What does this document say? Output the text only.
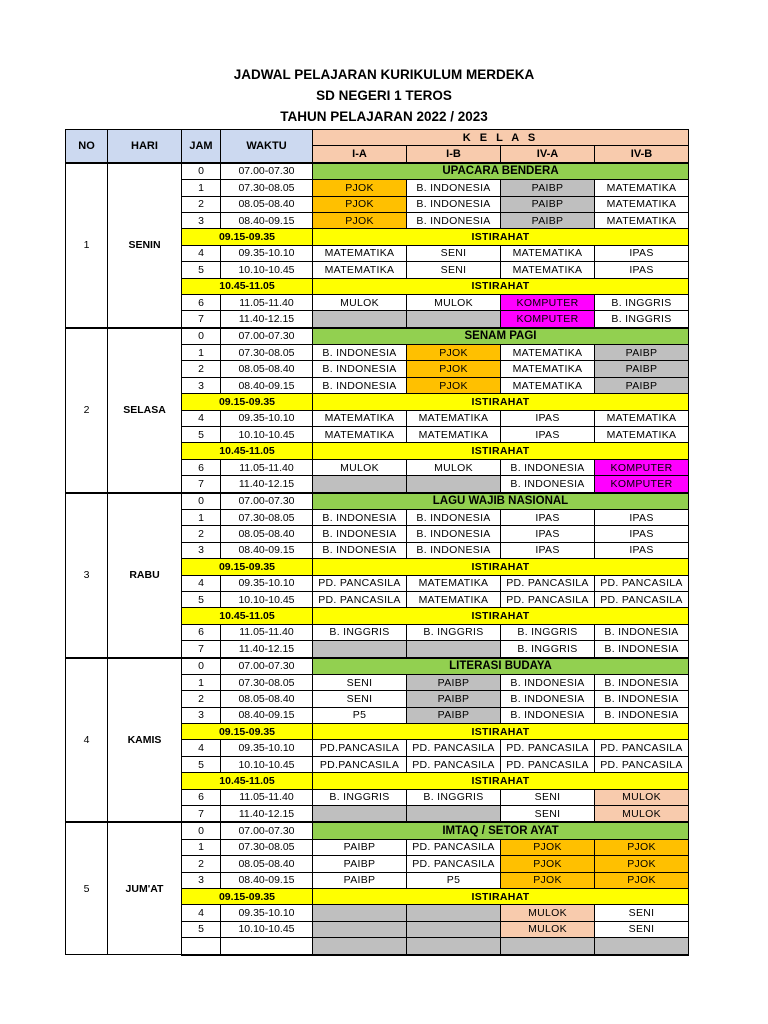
JADWAL PELAJARAN KURIKULUM MERDEKA
SD NEGERI 1 TEROS
TAHUN PELAJARAN 2022 / 2023
NO	HARI	JAM	WAKTU	K E L A S			
				I-A	I-B	IV-A	IV-B
1	SENIN	0	07.00-07.30	UPACARA BENDERA			
		1	07.30-08.05	PJOK	B. INDONESIA	PAIBP	MATEMATIKA
		2	08.05-08.40	PJOK	B. INDONESIA	PAIBP	MATEMATIKA
		3	08.40-09.15	PJOK	B. INDONESIA	PAIBP	MATEMATIKA
		09.15-09.35		ISTIRAHAT			
		4	09.35-10.10	MATEMATIKA	SENI	MATEMATIKA	IPAS
		5	10.10-10.45	MATEMATIKA	SENI	MATEMATIKA	IPAS
		10.45-11.05		ISTIRAHAT			
		6	11.05-11.40	MULOK	MULOK	KOMPUTER	B. INGGRIS
		7	11.40-12.15			KOMPUTER	B. INGGRIS
2	SELASA	0	07.00-07.30	SENAM PAGI			
		1	07.30-08.05	B. INDONESIA	PJOK	MATEMATIKA	PAIBP
		2	08.05-08.40	B. INDONESIA	PJOK	MATEMATIKA	PAIBP
		3	08.40-09.15	B. INDONESIA	PJOK	MATEMATIKA	PAIBP
		09.15-09.35		ISTIRAHAT			
		4	09.35-10.10	MATEMATIKA	MATEMATIKA	IPAS	MATEMATIKA
		5	10.10-10.45	MATEMATIKA	MATEMATIKA	IPAS	MATEMATIKA
		10.45-11.05		ISTIRAHAT			
		6	11.05-11.40	MULOK	MULOK	B. INDONESIA	KOMPUTER
		7	11.40-12.15			B. INDONESIA	KOMPUTER
3	RABU	0	07.00-07.30	LAGU WAJIB NASIONAL			
		1	07.30-08.05	B. INDONESIA	B. INDONESIA	IPAS	IPAS
		2	08.05-08.40	B. INDONESIA	B. INDONESIA	IPAS	IPAS
		3	08.40-09.15	B. INDONESIA	B. INDONESIA	IPAS	IPAS
		09.15-09.35		ISTIRAHAT			
		4	09.35-10.10	PD. PANCASILA	MATEMATIKA	PD. PANCASILA	PD. PANCASILA
		5	10.10-10.45	PD. PANCASILA	MATEMATIKA	PD. PANCASILA	PD. PANCASILA
		10.45-11.05		ISTIRAHAT			
		6	11.05-11.40	B. INGGRIS	B. INGGRIS	B. INGGRIS	B. INDONESIA
		7	11.40-12.15			B. INGGRIS	B. INDONESIA
4	KAMIS	0	07.00-07.30	LITERASI BUDAYA			
		1	07.30-08.05	SENI	PAIBP	B. INDONESIA	B. INDONESIA
		2	08.05-08.40	SENI	PAIBP	B. INDONESIA	B. INDONESIA
		3	08.40-09.15	P5	PAIBP	B. INDONESIA	B. INDONESIA
		09.15-09.35		ISTIRAHAT			
		4	09.35-10.10	PD.PANCASILA	PD. PANCASILA	PD. PANCASILA	PD. PANCASILA
		5	10.10-10.45	PD.PANCASILA	PD. PANCASILA	PD. PANCASILA	PD. PANCASILA
		10.45-11.05		ISTIRAHAT			
		6	11.05-11.40	B. INGGRIS	B. INGGRIS	SENI	MULOK
		7	11.40-12.15			SENI	MULOK
5	JUM'AT	0	07.00-07.30	IMTAQ / SETOR AYAT			
		1	07.30-08.05	PAIBP	PD. PANCASILA	PJOK	PJOK
		2	08.05-08.40	PAIBP	PD. PANCASILA	PJOK	PJOK
		3	08.40-09.15	PAIBP	P5	PJOK	PJOK
		09.15-09.35		ISTIRAHAT			
		4	09.35-10.10			MULOK	SENI
		5	10.10-10.45			MULOK	SENI
